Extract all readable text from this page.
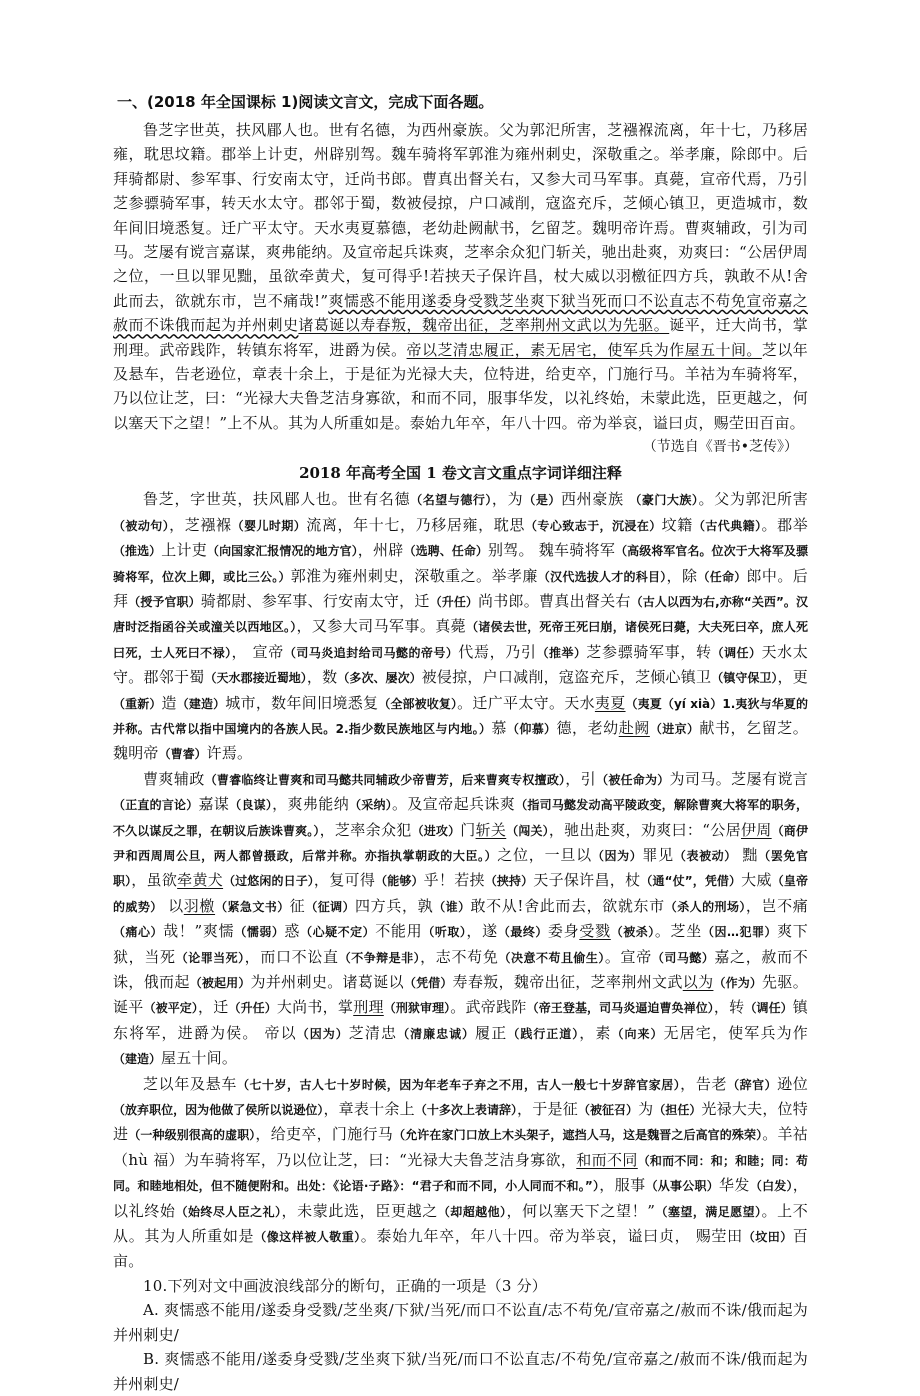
一、(2018 年全国课标 1)阅读文言文，完成下面各题。

鲁芝字世英，扶风郿人也。世有名德，为西州豪族。父为郭汜所害，芝襁褓流离，年十七，乃移居雍，耽思坟籍。郡举上计吏，州辟别驾。魏车骑将军郭淮为雍州刺史，深敬重之。举孝廉，除郎中。后拜骑都尉、参军事、行安南太守，迁尚书郎。曹真出督关右，又参大司马军事。真薨，宣帝代焉，乃引芝参骠骑军事，转天水太守。郡邻于蜀，数被侵掠，户口减削，寇盗充斥，芝倾心镇卫，更造城市，数年间旧境悉复。迁广平太守。天水夷夏慕德，老幼赴阙献书，乞留芝。魏明帝许焉。曹爽辅政，引为司马。芝屡有谠言嘉谋，爽弗能纳。及宣帝起兵诛爽，芝率余众犯门斩关，驰出赴爽，劝爽曰：“公居伊周之位，一旦以罪见黜，虽欲牵黄犬，复可得乎!若挟天子保许昌，杖大威以羽檄征四方兵，孰敢不从!舍此而去，欲就东市，岂不痛哉!”爽懦惑不能用遂委身受戮芝坐爽下狱当死而口不讼直志不苟免宣帝嘉之赦而不诛俄而起为并州刺史诸葛诞以寿春叛，魏帝出征，芝率荆州文武以为先驱。诞平，迁大尚书，掌刑理。武帝践阼，转镇东将军，进爵为侯。帝以芝清忠履正，素无居宅，使军兵为作屋五十间。芝以年及悬车，告老逊位，章表十余上，于是征为光禄大夫，位特进，给吏卒，门施行马。羊祜为车骑将军，乃以位让芝，曰：“光禄大夫鲁芝洁身寡欲，和而不同，服事华发，以礼终始，未蒙此选，臣更越之，何以塞天下之望！”上不从。其为人所重如是。泰始九年卒，年八十四。帝为举哀，谥曰贞，赐茔田百亩。

（节选自《晋书•芝传》）
2018 年高考全国 1 卷文言文重点字词详细注释

鲁芝，字世英，扶风郿人也。世有名德（名望与德行），为（是）西州豪族 （豪门大族）。父为郭汜所害（被动句），芝襁褓（婴儿时期）流离，年十七，乃移居雍，耽思（专心致志于，沉浸在）坟籍（古代典籍）。郡举（推选）上计吏（向国家汇报情况的地方官），州辟（选聘、任命）别驾。 魏车骑将军（高级将军官名。位次于大将军及骠骑将军，位次上卿，或比三公。）郭淮为雍州刺史，深敬重之。举孝廉（汉代选拔人才的科目），除（任命）郎中。后拜（授予官职）骑都尉、参军事、行安南太守，迁（升任）尚书郎。曹真出督关右（古人以西为右,亦称“关西”。汉唐时泛指函谷关或潼关以西地区。），又参大司马军事。真薨（诸侯去世，死帝王死曰崩，诸侯死曰薨，大夫死曰卒，庶人死曰死，士人死曰不禄）， 宣帝（司马炎追封给司马懿的帝号）代焉，乃引（推举）芝参骠骑军事，转（调任）天水太守。郡邻于蜀（天水郡接近蜀地），数（多次、屡次）被侵掠，户口减削，寇盗充斥，芝倾心镇卫（镇守保卫），更（重新）造（建造）城市，数年间旧境悉复（全部被收复）。迁广平太守。天水夷夏（夷夏（yí xià）1.夷狄与华夏的并称。古代常以指中国境内的各族人民。2.指少数民族地区与内地。）慕（仰慕）德，老幼赴阙（进京）献书，乞留芝。 魏明帝（曹睿）许焉。

曹爽辅政（曹睿临终让曹爽和司马懿共同辅政少帝曹芳，后来曹爽专权擅政），引（被任命为）为司马。芝屡有谠言（正直的言论）嘉谋（良谋），爽弗能纳（采纳）。及宣帝起兵诛爽（指司马懿发动高平陵政变，解除曹爽大将军的职务，不久以谋反之罪，在朝议后族诛曹爽。），芝率余众犯（进攻）门斩关（闯关），驰出赴爽，劝爽曰：“公居伊周（商伊尹和西周周公旦，两人都曾摄政，后常并称。亦指执掌朝政的大臣。）之位，一旦以（因为）罪见（表被动） 黜（罢免官职），虽欲牵黄犬（过悠闲的日子），复可得（能够）乎！若挟（挟持）天子保许昌，杖（通“仗”，凭借）大威（皇帝的威势） 以羽檄（紧急文书）征（征调）四方兵，孰（谁）敢不从!舍此而去，欲就东市（杀人的刑场），岂不痛（痛心）哉！”爽懦（懦弱）惑（心疑不定）不能用（听取），遂（最终）委身受戮（被杀）。芝坐（因…犯罪）爽下狱，当死（论罪当死），而口不讼直（不争辩是非），志不苟免（决意不苟且偷生）。宣帝（司马懿）嘉之，赦而不诛，俄而起（被起用）为并州刺史。诸葛诞以（凭借）寿春叛，魏帝出征，芝率荆州文武以为（作为）先驱。诞平（被平定），迁（升任）大尚书，掌刑理（刑狱审理）。武帝践阼（帝王登基，司马炎逼迫曹奂禅位），转（调任）镇东将军，进爵为侯。 帝以（因为）芝清忠（清廉忠诚）履正（践行正道），素（向来）无居宅，使军兵为作（建造）屋五十间。

芝以年及悬车（七十岁，古人七十岁时候，因为年老车子弃之不用，古人一般七十岁辞官家居），告老（辞官）逊位（放弃职位，因为他做了侯所以说逊位），章表十余上（十多次上表请辞），于是征（被征召）为（担任）光禄大夫，位特进（一种级别很高的虚职），给吏卒，门施行马（允许在家门口放上木头架子，遮挡人马，这是魏晋之后高官的殊荣）。羊祜（hù 福）为车骑将军，乃以位让芝，曰：“光禄大夫鲁芝洁身寡欲，和而不同（和而不同：和；和睦；同：苟同。和睦地相处，但不随便附和。出处：《论语·子路》：“君子和而不同，小人同而不和。”），服事（从事公职）华发（白发）， 以礼终始（始终尽人臣之礼），未蒙此选，臣更越之（却超越他），何以塞天下之望！”（塞望，满足愿望）。上不从。其为人所重如是（像这样被人敬重）。泰始九年卒，年八十四。帝为举哀，谥曰贞， 赐茔田（坟田）百亩。

10.下列对文中画波浪线部分的断句，正确的一项是（3 分）

A. 爽懦惑不能用/遂委身受戮/芝坐爽/下狱/当死/而口不讼直/志不苟免/宣帝嘉之/赦而不诛/俄而起为并州刺史/

B. 爽懦惑不能用/遂委身受戮/芝坐爽下狱/当死/而口不讼直志/不苟免/宣帝嘉之/赦而不诛/俄而起为并州刺史/
